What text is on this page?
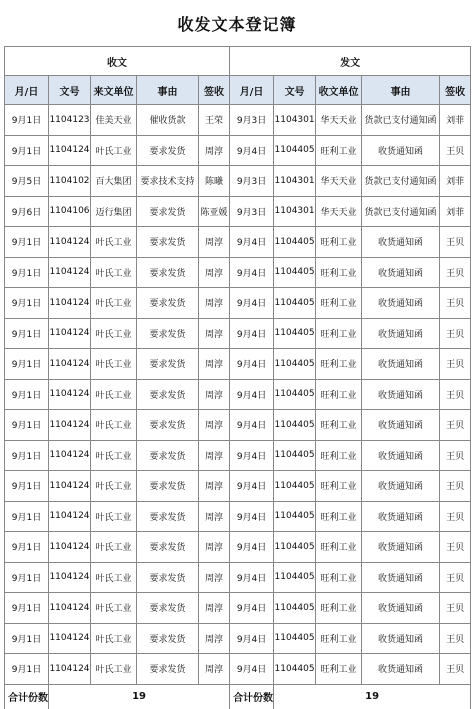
收发文本登记簿
收文					发文				
月/日	文号	来文单位	事由	签收	月/日	文号	收文单位	事由	签收
9月1日	1104123	佳美天业	催收货款	王荣	9月3日	1104301	华天天业	货款已支付通知函	刘菲
9月1日	1104124	叶氏工业	要求发货	周淳	9月4日	1104405	旺利工业	收货通知函	王贝
9月5日	1104102	百大集团	要求技术支持	陈曦	9月3日	1104301	华天天业	货款已支付通知函	刘菲
9月6日	1104106	迈行集团	要求发货	陈亚媛	9月3日	1104301	华天天业	货款已支付通知函	刘菲
9月1日	1104124	叶氏工业	要求发货	周淳	9月4日	1104405	旺利工业	收货通知函	王贝
9月1日	1104124	叶氏工业	要求发货	周淳	9月4日	1104405	旺利工业	收货通知函	王贝
9月1日	1104124	叶氏工业	要求发货	周淳	9月4日	1104405	旺利工业	收货通知函	王贝
9月1日	1104124	叶氏工业	要求发货	周淳	9月4日	1104405	旺利工业	收货通知函	王贝
9月1日	1104124	叶氏工业	要求发货	周淳	9月4日	1104405	旺利工业	收货通知函	王贝
9月1日	1104124	叶氏工业	要求发货	周淳	9月4日	1104405	旺利工业	收货通知函	王贝
9月1日	1104124	叶氏工业	要求发货	周淳	9月4日	1104405	旺利工业	收货通知函	王贝
9月1日	1104124	叶氏工业	要求发货	周淳	9月4日	1104405	旺利工业	收货通知函	王贝
9月1日	1104124	叶氏工业	要求发货	周淳	9月4日	1104405	旺利工业	收货通知函	王贝
9月1日	1104124	叶氏工业	要求发货	周淳	9月4日	1104405	旺利工业	收货通知函	王贝
9月1日	1104124	叶氏工业	要求发货	周淳	9月4日	1104405	旺利工业	收货通知函	王贝
9月1日	1104124	叶氏工业	要求发货	周淳	9月4日	1104405	旺利工业	收货通知函	王贝
9月1日	1104124	叶氏工业	要求发货	周淳	9月4日	1104405	旺利工业	收货通知函	王贝
9月1日	1104124	叶氏工业	要求发货	周淳	9月4日	1104405	旺利工业	收货通知函	王贝
9月1日	1104124	叶氏工业	要求发货	周淳	9月4日	1104405	旺利工业	收货通知函	王贝
合计份数	19				合计份数	19			
